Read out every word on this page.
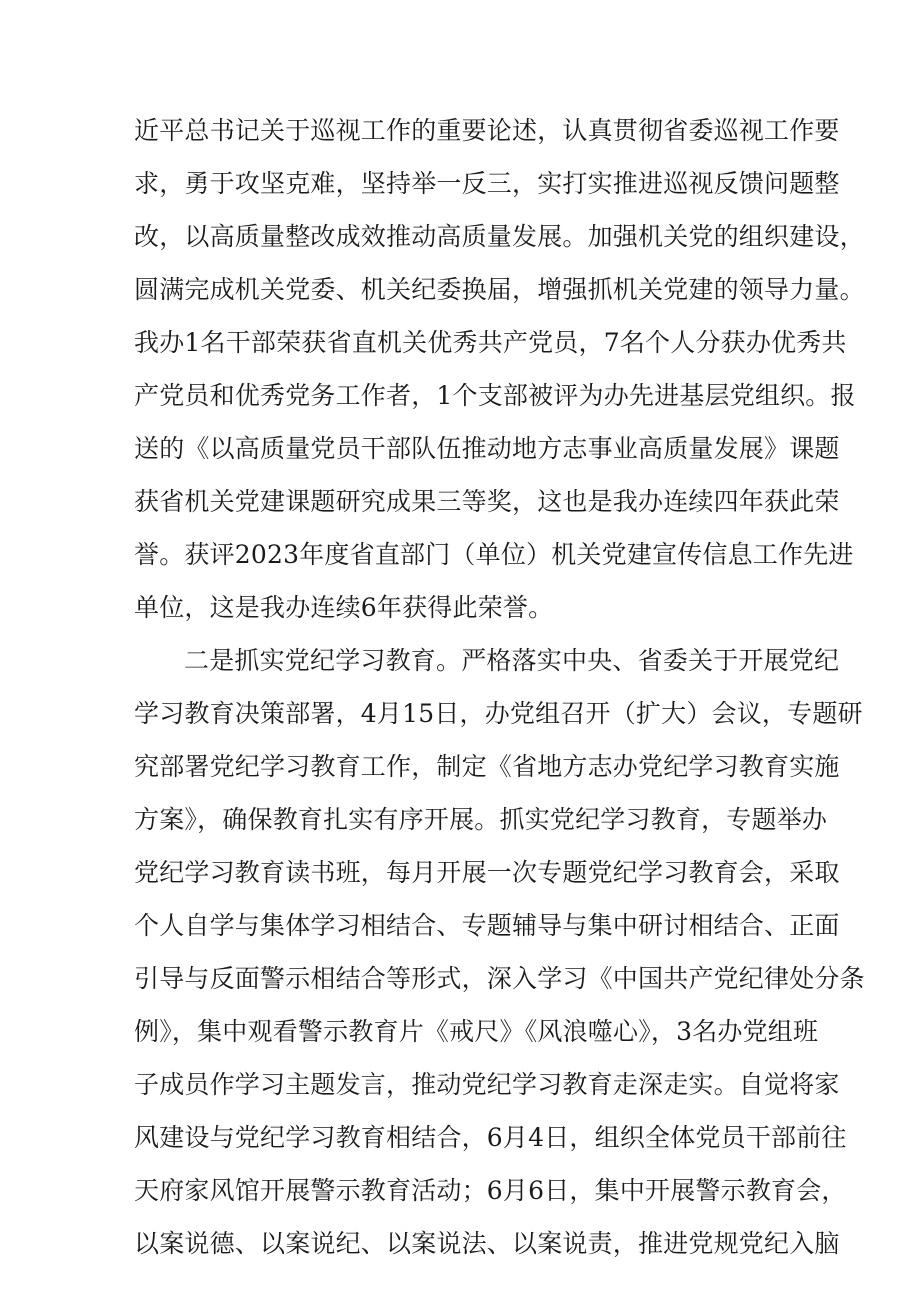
近平总书记关于巡视工作的重要论述，认真贯彻省委巡视工作要
求，勇于攻坚克难，坚持举一反三，实打实推进巡视反馈问题整
改，以高质量整改成效推动高质量发展。加强机关党的组织建设，
圆满完成机关党委、机关纪委换届，增强抓机关党建的领导力量。
我办1名干部荣获省直机关优秀共产党员，7名个人分获办优秀共
产党员和优秀党务工作者，1个支部被评为办先进基层党组织。报
送的《以高质量党员干部队伍推动地方志事业高质量发展》课题
获省机关党建课题研究成果三等奖，这也是我办连续四年获此荣
誉。获评2023年度省直部门（单位）机关党建宣传信息工作先进
单位，这是我办连续6年获得此荣誉。
二是抓实党纪学习教育。严格落实中央、省委关于开展党纪
学习教育决策部署，4月15日，办党组召开（扩大）会议，专题研
究部署党纪学习教育工作，制定《省地方志办党纪学习教育实施
方案》，确保教育扎实有序开展。抓实党纪学习教育，专题举办
党纪学习教育读书班，每月开展一次专题党纪学习教育会，采取
个人自学与集体学习相结合、专题辅导与集中研讨相结合、正面
引导与反面警示相结合等形式，深入学习《中国共产党纪律处分条
例》，集中观看警示教育片《戒尺》《风浪噬心》，3名办党组班
子成员作学习主题发言，推动党纪学习教育走深走实。自觉将家
风建设与党纪学习教育相结合，6月4日，组织全体党员干部前往
天府家风馆开展警示教育活动；6月6日，集中开展警示教育会，
以案说德、以案说纪、以案说法、以案说责，推进党规党纪入脑
